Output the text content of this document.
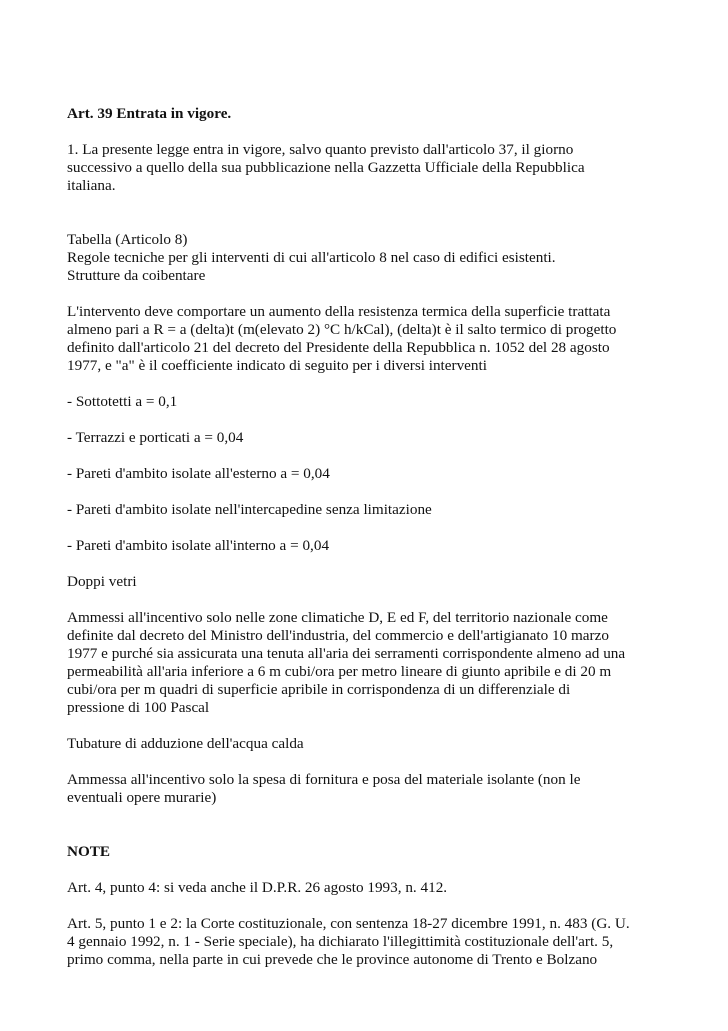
Art. 39 Entrata in vigore.

1. La presente legge entra in vigore, salvo quanto previsto dall'articolo 37, il giorno
successivo a quello della sua pubblicazione nella Gazzetta Ufficiale della Repubblica
italiana.

Tabella (Articolo 8)
Regole tecniche per gli interventi di cui all'articolo 8 nel caso di edifici esistenti.
Strutture da coibentare

L'intervento deve comportare un aumento della resistenza termica della superficie trattata
almeno pari a R = a (delta)t (m(elevato 2) °C h/kCal), (delta)t è il salto termico di progetto
definito dall'articolo 21 del decreto del Presidente della Repubblica n. 1052 del 28 agosto
1977, e "a" è il coefficiente indicato di seguito per i diversi interventi

- Sottotetti a = 0,1

- Terrazzi e porticati a = 0,04

- Pareti d'ambito isolate all'esterno a = 0,04

- Pareti d'ambito isolate nell'intercapedine senza limitazione

- Pareti d'ambito isolate all'interno a = 0,04

Doppi vetri

Ammessi all'incentivo solo nelle zone climatiche D, E ed F, del territorio nazionale come
definite dal decreto del Ministro dell'industria, del commercio e dell'artigianato 10 marzo
1977 e purché sia assicurata una tenuta all'aria dei serramenti corrispondente almeno ad una
permeabilità all'aria inferiore a 6 m cubi/ora per metro lineare di giunto apribile e di 20 m
cubi/ora per m quadri di superficie apribile in corrispondenza di un differenziale di
pressione di 100 Pascal

Tubature di adduzione dell'acqua calda

Ammessa all'incentivo solo la spesa di fornitura e posa del materiale isolante (non le
eventuali opere murarie)

NOTE

Art. 4, punto 4: si veda anche il D.P.R. 26 agosto 1993, n. 412.

Art. 5, punto 1 e 2: la Corte costituzionale, con sentenza 18-27 dicembre 1991, n. 483 (G. U.
4 gennaio 1992, n. 1 - Serie speciale), ha dichiarato l'illegittimità costituzionale dell'art. 5,
primo comma, nella parte in cui prevede che le province autonome di Trento e Bolzano
